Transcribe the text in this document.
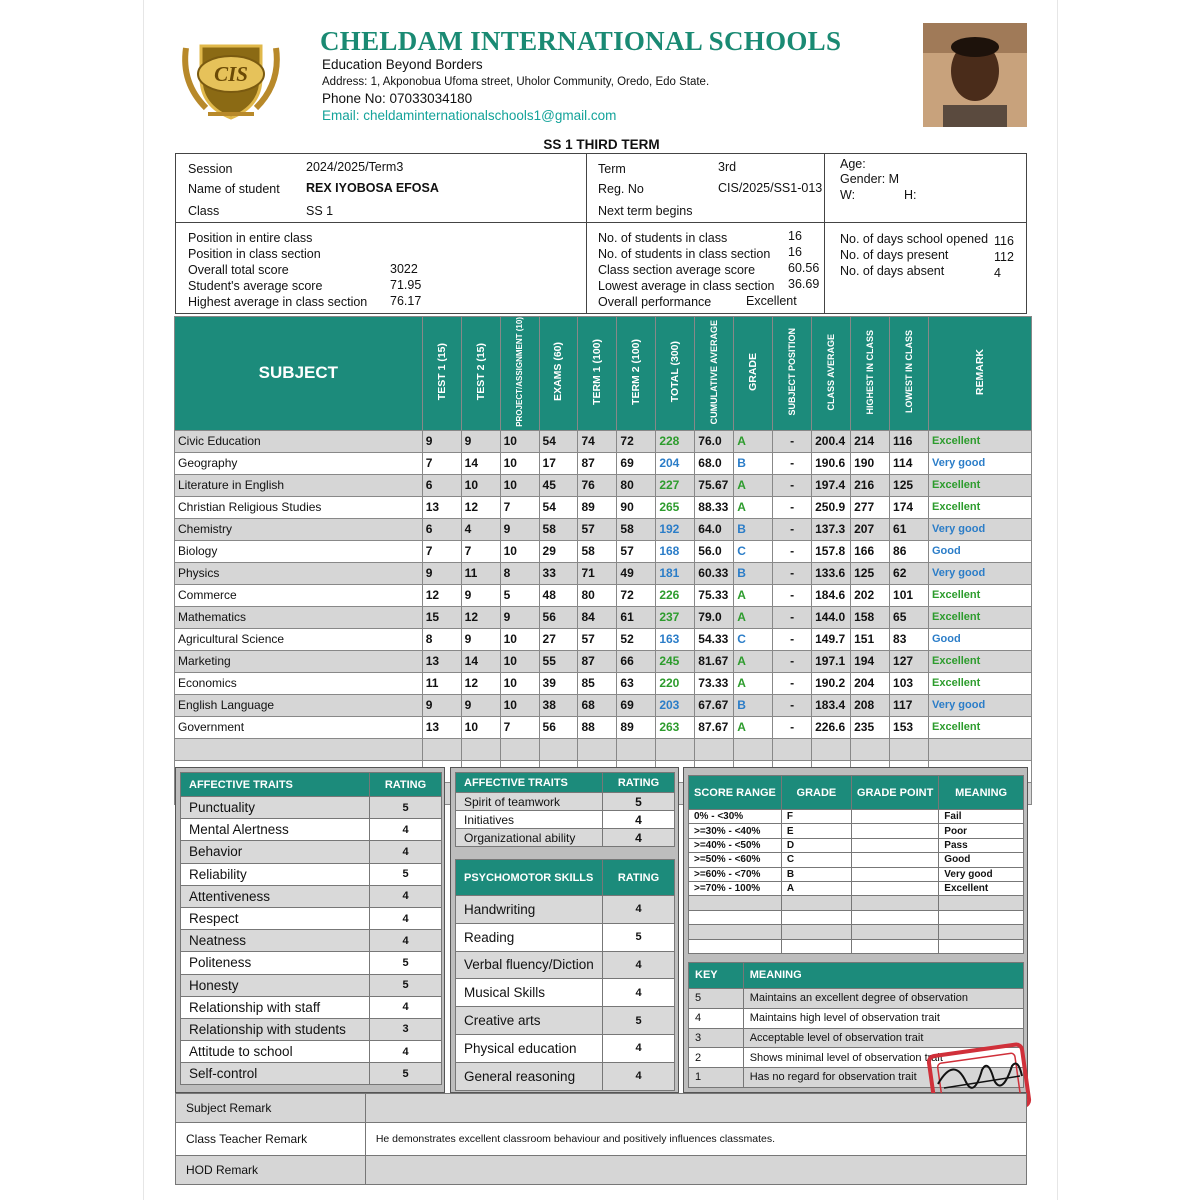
CIS
CHELDAM INTERNATIONAL SCHOOLS
Education Beyond Borders
Address: 1, Akponobua Ufoma street, Uholor Community, Oredo, Edo State.
Phone No: 07033034180
Email: cheldaminternationalschools1@gmail.com
SS 1 THIRD TERM
Session	2024/2025/Term3
Name of student REX IYOBOSA EFOSA
Class	SS 1
Term	3rd
Reg. No	CIS/2025/SS1-013
Next term begins
Age:
Gender: M
W:	H:
Position in entire class
Position in class section
Overall total score	3022
Student's average score	71.95
Highest average in class section 76.17
No. of students in class	16
No. of students in class section 16
Class section average score	60.56
Lowest average in class section 36.69
Overall performance	Excellent
No. of days school opened 116
No. of days present	112
No. of days absent	4
SUBJECT	TEST 1 (15)	TEST 2 (15)	PROJECT/ASSIGNMENT (10)	EXAMS (60)	TERM 1 (100)	TERM 2 (100)	TOTAL (300)	CUMULATIVE AVERAGE	GRADE	SUBJECT POSITION	CLASS AVERAGE	HIGHEST IN CLASS	LOWEST IN CLASS	REMARK
Civic Education	9	9	10	54	74	72	228	76.0	A	-	200.4	214	116	Excellent
Geography	7	14	10	17	87	69	204	68.0	B	-	190.6	190	114	Very good
Literature in English	6	10	10	45	76	80	227	75.67	A	-	197.4	216	125	Excellent
Christian Religious Studies	13	12	7	54	89	90	265	88.33	A	-	250.9	277	174	Excellent
Chemistry	6	4	9	58	57	58	192	64.0	B	-	137.3	207	61	Very good
Biology	7	7	10	29	58	57	168	56.0	C	-	157.8	166	86	Good
Physics	9	11	8	33	71	49	181	60.33	B	-	133.6	125	62	Very good
Commerce	12	9	5	48	80	72	226	75.33	A	-	184.6	202	101	Excellent
Mathematics	15	12	9	56	84	61	237	79.0	A	-	144.0	158	65	Excellent
Agricultural Science	8	9	10	27	57	52	163	54.33	C	-	149.7	151	83	Good
Marketing	13	14	10	55	87	66	245	81.67	A	-	197.1	194	127	Excellent
Economics	11	12	10	39	85	63	220	73.33	A	-	190.2	204	103	Excellent
English Language	9	9	10	38	68	69	203	67.67	B	-	183.4	208	117	Very good
Government	13	10	7	56	88	89	263	87.67	A	-	226.6	235	153	Excellent

AFFECTIVE TRAITS	RATING
Punctuality	5
Mental Alertness	4
Behavior	4
Reliability	5
Attentiveness	4
Respect	4
Neatness	4
Politeness	5
Honesty	5
Relationship with staff	4
Relationship with students	3
Attitude to school	4
Self-control	5
AFFECTIVE TRAITS	RATING
Spirit of teamwork	5
Initiatives	4
Organizational ability	4
PSYCHOMOTOR SKILLS	RATING
Handwriting	4
Reading	5
Verbal fluency/Diction	4
Musical Skills	4
Creative arts	5
Physical education	4
General reasoning	4
SCORE RANGE	GRADE	GRADE POINT	MEANING
0% - <30%	F		Fail
>=30% - <40%	E		Poor
>=40% - <50%	D		Pass
>=50% - <60%	C		Good
>=60% - <70%	B		Very good
>=70% - 100%	A		Excellent

KEY	MEANING
5	Maintains an excellent degree of observation
4	Maintains high level of observation trait
3	Acceptable level of observation trait
2	Shows minimal level of observation trait
1	Has no regard for observation trait
Subject Remark	
Class Teacher Remark	He demonstrates excellent classroom behaviour and positively influences classmates.
HOD Remark	
